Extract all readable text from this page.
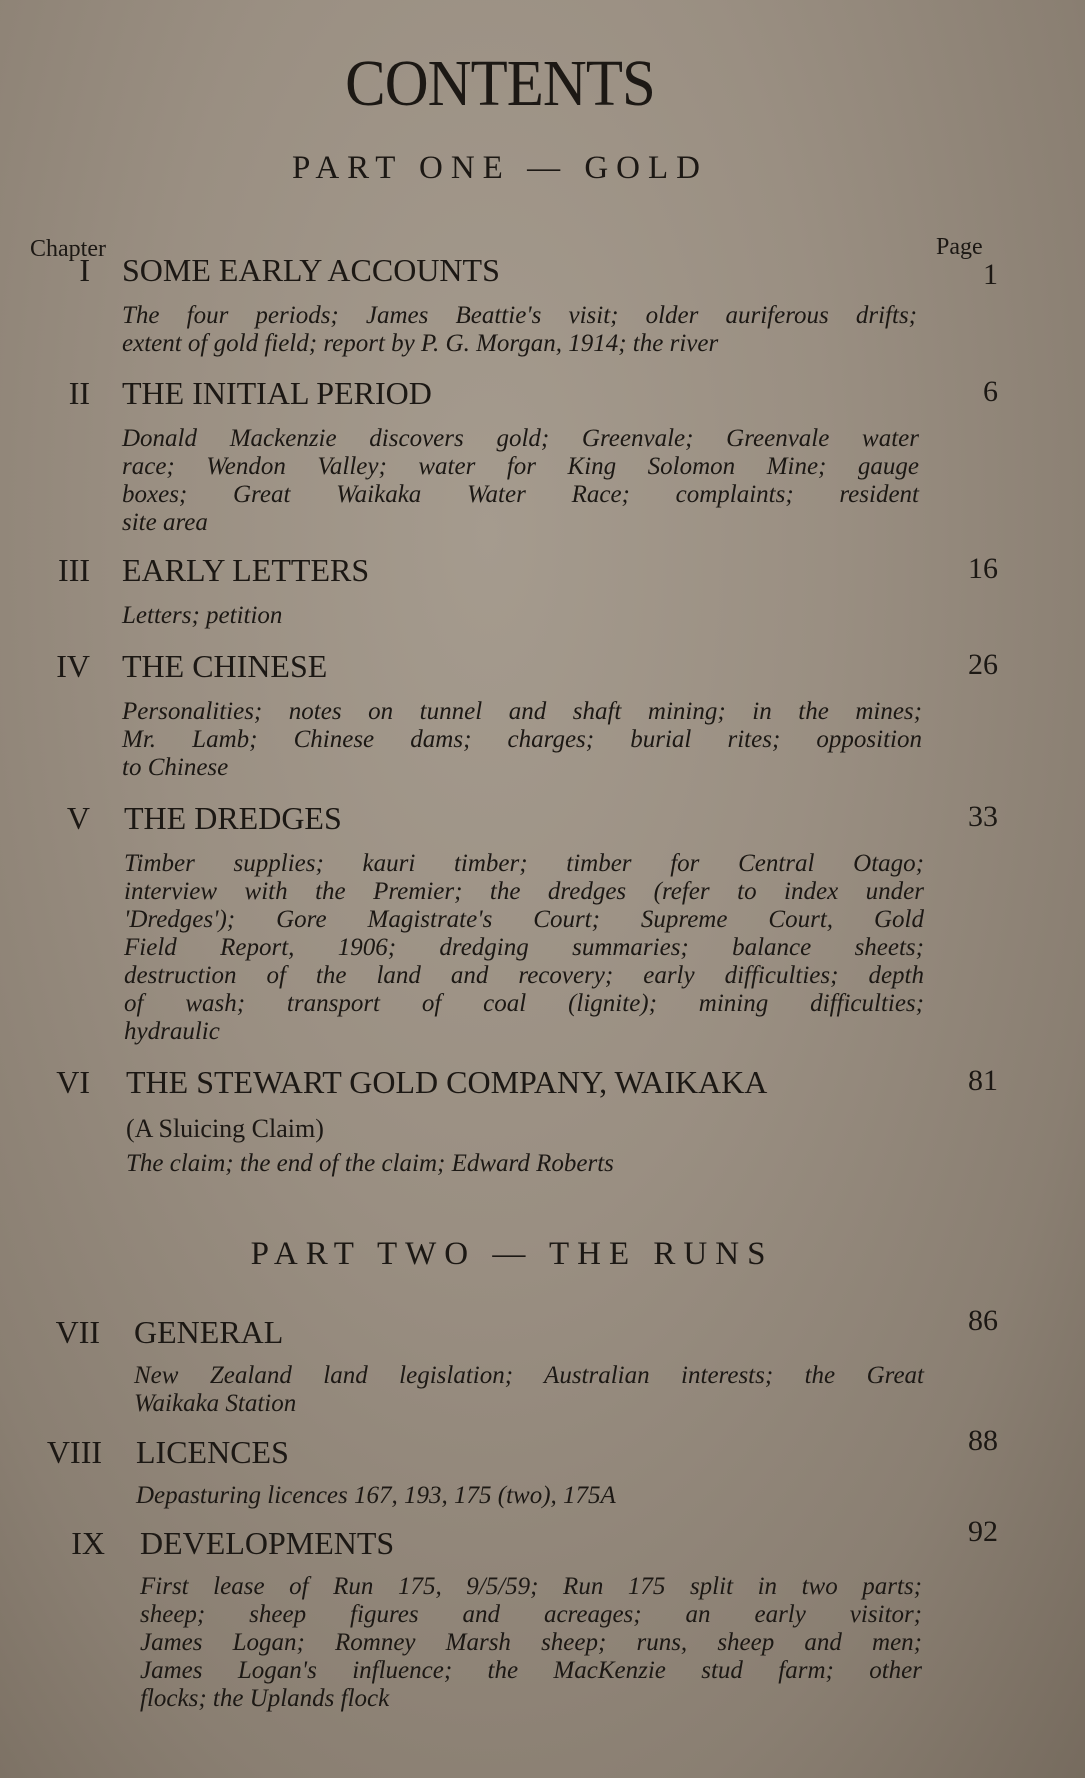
CONTENTS
PART ONE — GOLD
Chapter	Page
I SOME EARLY ACCOUNTS	1
The four periods; James Beattie's visit; older auriferous drifts;
extent of gold field; report by P. G. Morgan, 1914; the river
II THE INITIAL PERIOD	6
Donald Mackenzie discovers gold; Greenvale; Greenvale water
race; Wendon Valley; water for King Solomon Mine; gauge
boxes; Great Waikaka Water Race; complaints; resident
site area
III EARLY LETTERS	16
Letters; petition
IV THE CHINESE	26
Personalities; notes on tunnel and shaft mining; in the mines;
Mr. Lamb; Chinese dams; charges; burial rites; opposition
to Chinese
V THE DREDGES	33
Timber supplies; kauri timber; timber for Central Otago;
interview with the Premier; the dredges (refer to index under
'Dredges'); Gore Magistrate's Court; Supreme Court, Gold
Field Report, 1906; dredging summaries; balance sheets;
destruction of the land and recovery; early difficulties; depth
of wash; transport of coal (lignite); mining difficulties;
hydraulic
VI THE STEWART GOLD COMPANY, WAIKAKA	81
(A Sluicing Claim)
The claim; the end of the claim; Edward Roberts
PART TWO — THE RUNS
VII GENERAL	86
New Zealand land legislation; Australian interests; the Great
Waikaka Station
VIII LICENCES	88
Depasturing licences 167, 193, 175 (two), 175A
IX DEVELOPMENTS	92
First lease of Run 175, 9/5/59; Run 175 split in two parts;
sheep; sheep figures and acreages; an early visitor;
James Logan; Romney Marsh sheep; runs, sheep and men;
James Logan's influence; the MacKenzie stud farm; other
flocks; the Uplands flock
